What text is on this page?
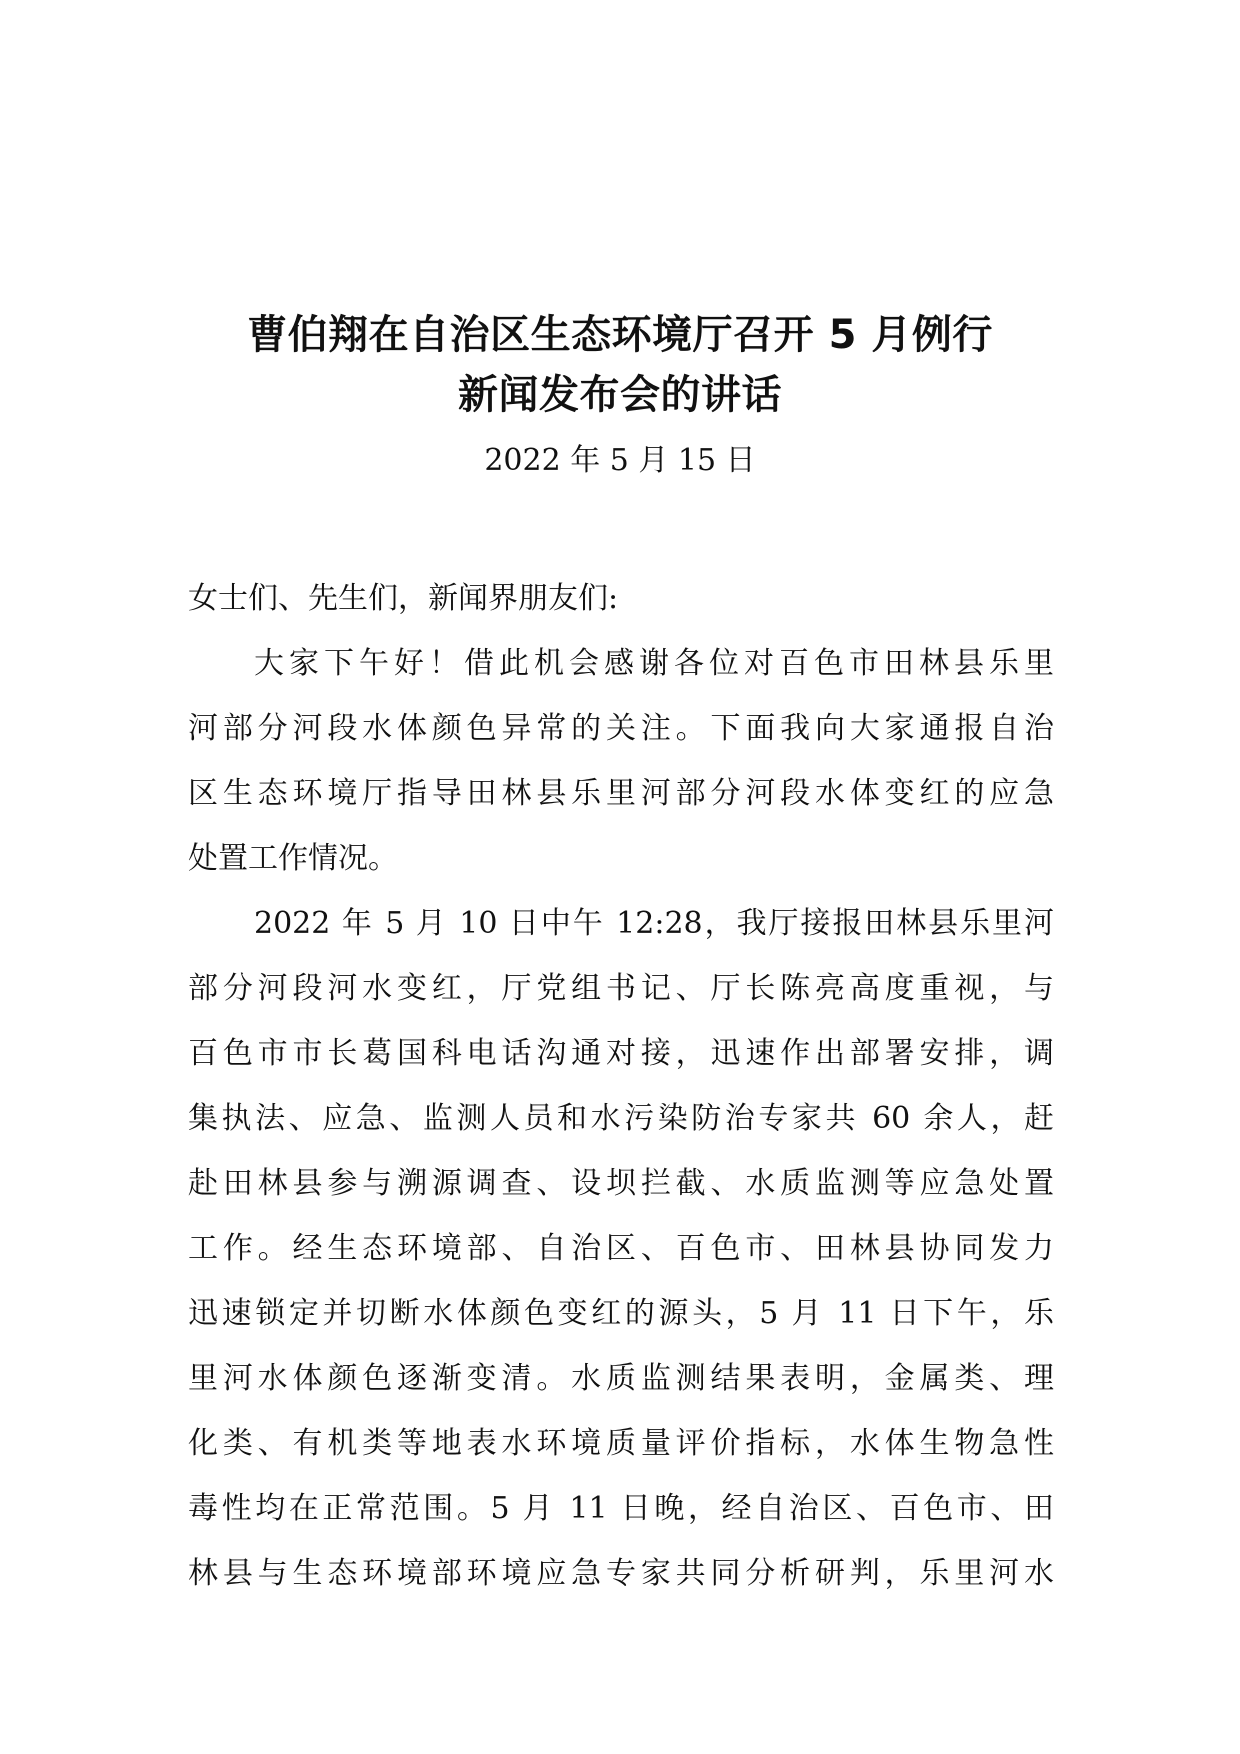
曹伯翔在自治区生态环境厅召开 5 月例行
新闻发布会的讲话
2022 年 5 月 15 日

女士们、先生们，新闻界朋友们:

大家下午好！借此机会感谢各位对百色市田林县乐里
河部分河段水体颜色异常的关注。下面我向大家通报自治
区生态环境厅指导田林县乐里河部分河段水体变红的应急
处置工作情况。
2022 年 5 月 10 日中午 12:28，我厅接报田林县乐里河
部分河段河水变红，厅党组书记、厅长陈亮高度重视，与
百色市市长葛国科电话沟通对接，迅速作出部署安排，调
集执法、应急、监测人员和水污染防治专家共 60 余人，赶
赴田林县参与溯源调查、设坝拦截、水质监测等应急处置
工作。经生态环境部、自治区、百色市、田林县协同发力
迅速锁定并切断水体颜色变红的源头，5 月 11 日下午，乐
里河水体颜色逐渐变清。水质监测结果表明，金属类、理
化类、有机类等地表水环境质量评价指标，水体生物急性
毒性均在正常范围。5 月 11 日晚，经自治区、百色市、田
林县与生态环境部环境应急专家共同分析研判，乐里河水
